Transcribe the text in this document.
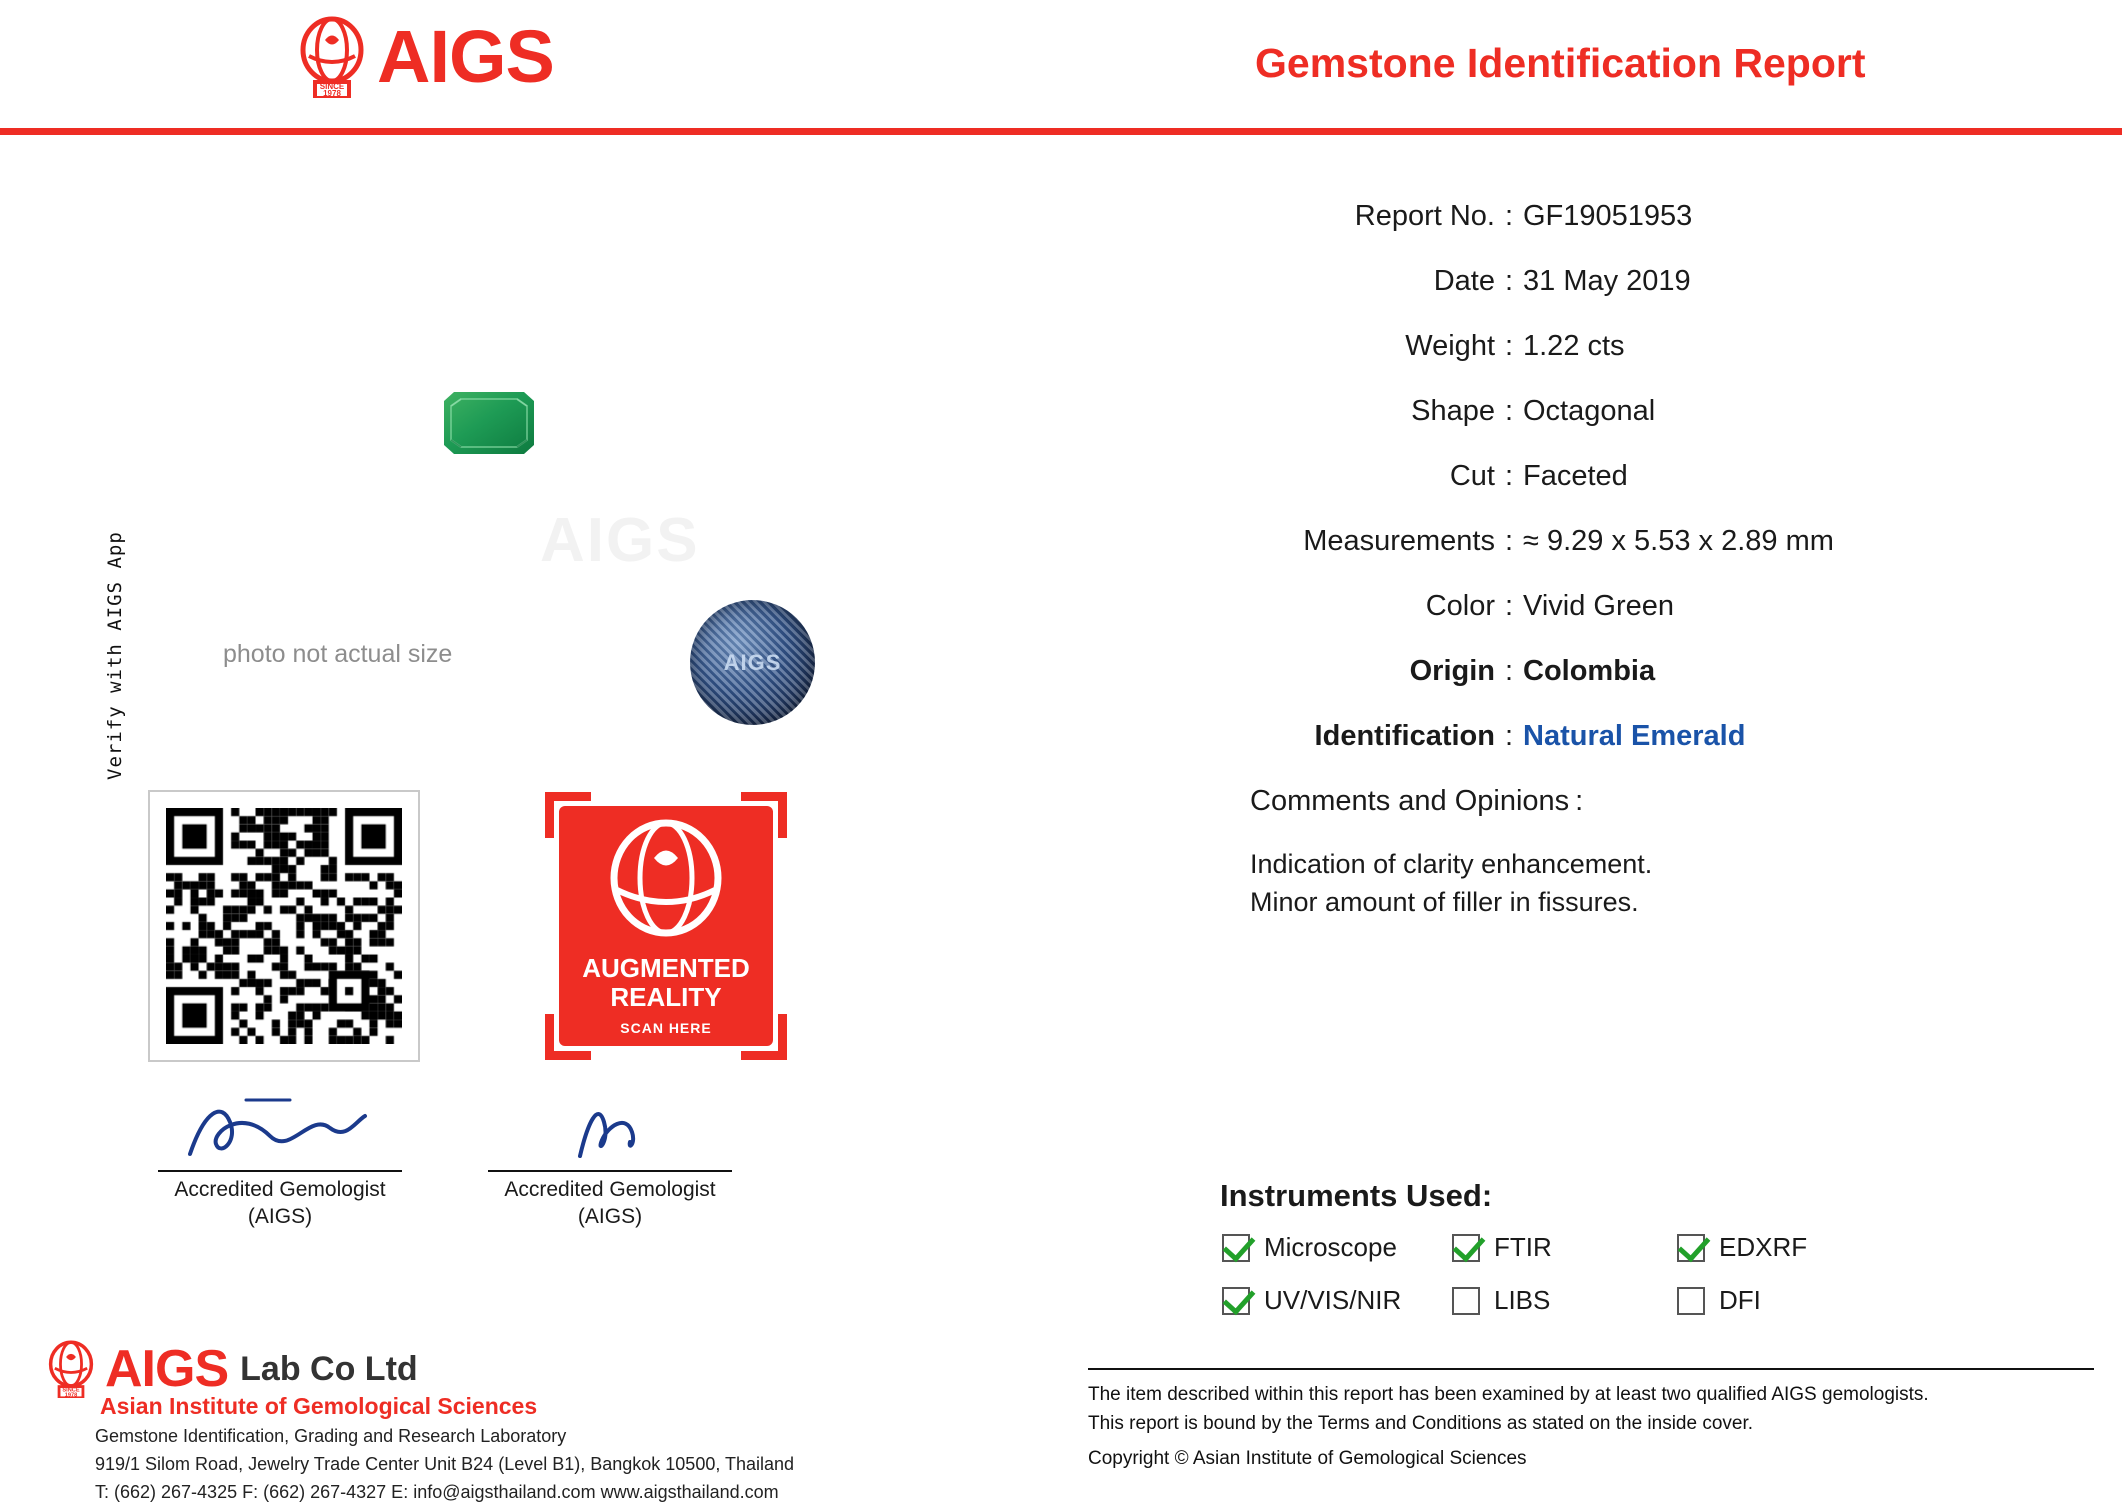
SINCE
1978 AIGS	Gemstone Identification Report
AIGS
photo not actual size	AIGS
Verify with AIGS App
AUGMENTED
REALITY
SCAN HERE
Accredited Gemologist
(AIGS)
Accredited Gemologist
(AIGS)
SINCE
1978 AIGS Lab Co Ltd
Asian Institute of Gemological Sciences
Gemstone Identification, Grading and Research Laboratory
919/1 Silom Road, Jewelry Trade Center Unit B24 (Level B1), Bangkok 10500, Thailand
T: (662) 267-4325 F: (662) 267-4327 E: info@aigsthailand.com www.aigsthailand.com
Report No. : GF19051953
Date : 31 May 2019
Weight : 1.22 cts
Shape : Octagonal
Cut : Faceted
Measurements : ≈ 9.29 x 5.53 x 2.89 mm
Color : Vivid Green
Origin : Colombia
Identification : Natural Emerald
Comments and Opinions :
Indication of clarity enhancement.
Minor amount of filler in fissures.
Instruments Used:
Microscope	FTIR	EDXRF
UV/VIS/NIR	LIBS	DFI
The item described within this report has been examined by at least two qualified AIGS gemologists.
This report is bound by the Terms and Conditions as stated on the inside cover.
Copyright © Asian Institute of Gemological Sciences
